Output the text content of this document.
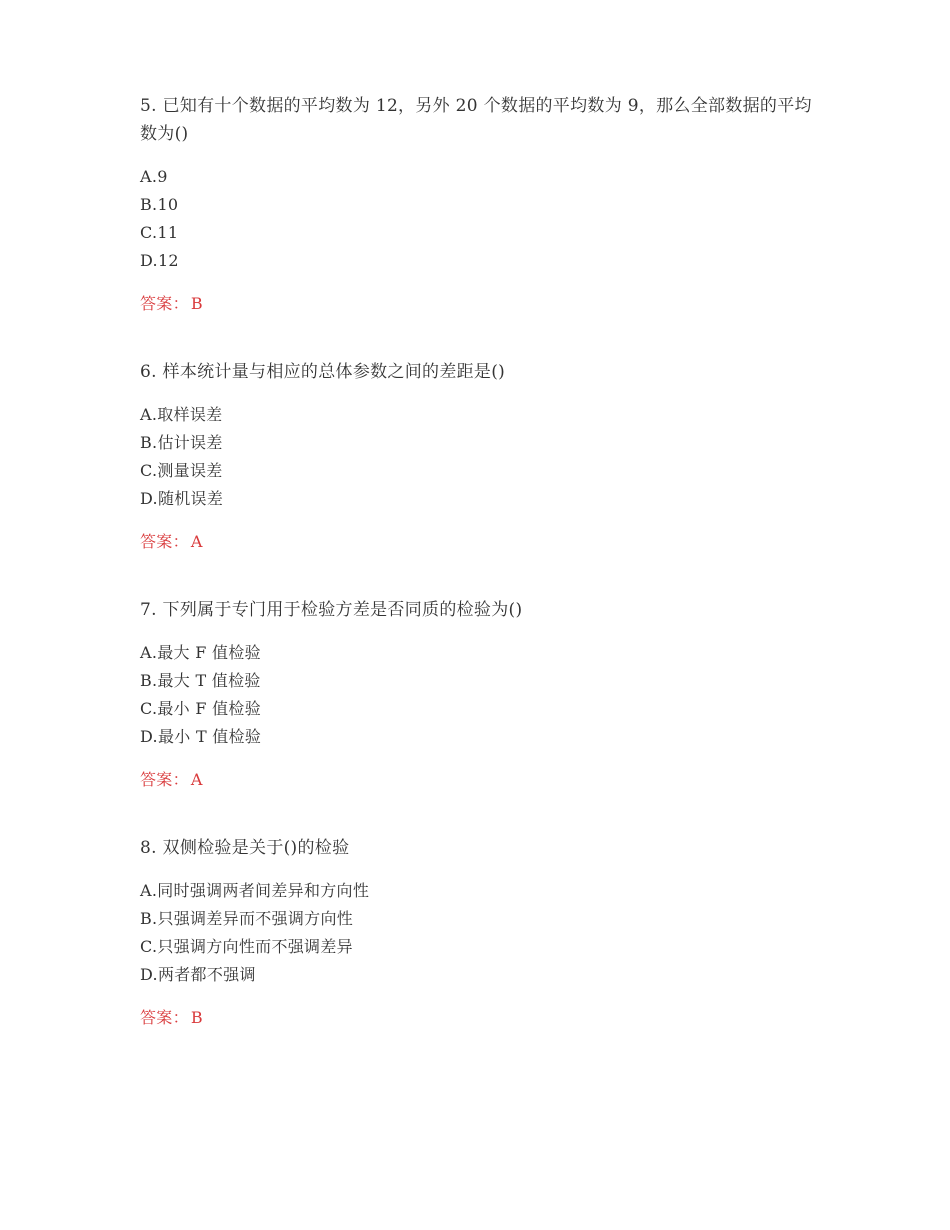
5. 已知有十个数据的平均数为 12，另外 20 个数据的平均数为 9，那么全部数据的平均数为()

A.9
B.10
C.11
D.12
答案： B

6. 样本统计量与相应的总体参数之间的差距是()

A.取样误差
B.估计误差
C.测量误差
D.随机误差
答案： A

7. 下列属于专门用于检验方差是否同质的检验为()

A.最大 F 值检验
B.最大 T 值检验
C.最小 F 值检验
D.最小 T 值检验
答案： A

8. 双侧检验是关于()的检验

A.同时强调两者间差异和方向性
B.只强调差异而不强调方向性
C.只强调方向性而不强调差异
D.两者都不强调
答案： B
